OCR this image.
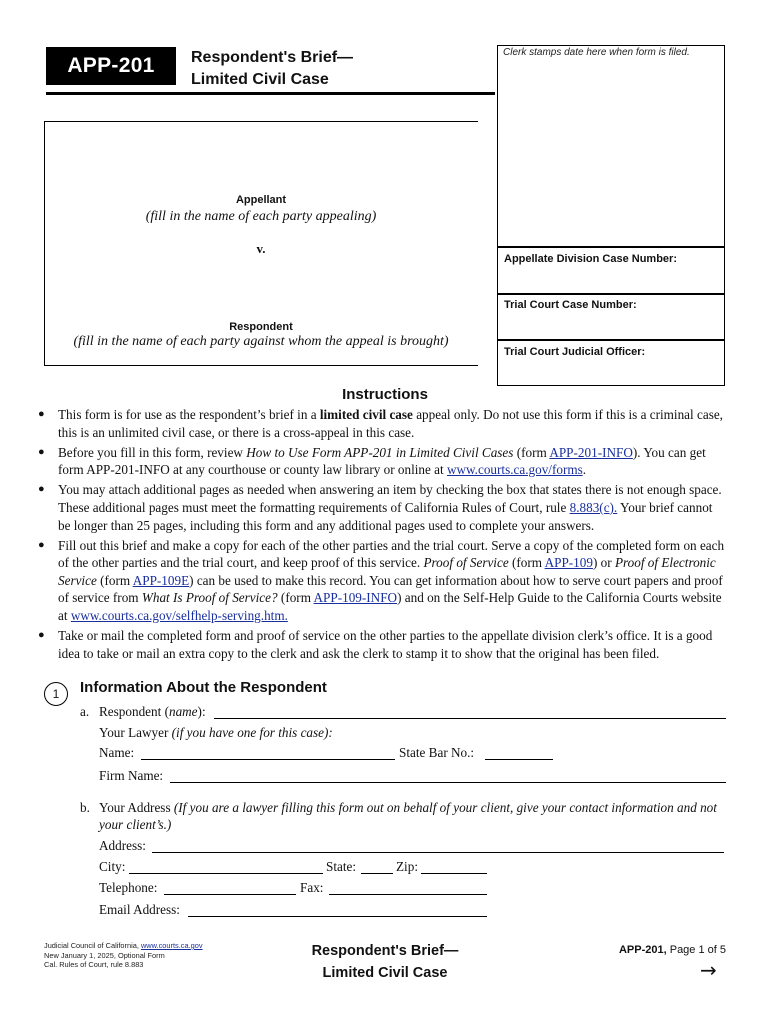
APP-201	Respondent's Brief—
Limited Civil Case
Clerk stamps date here when form is filed.
Appellate Division Case Number:
Trial Court Case Number:
Trial Court Judicial Officer:
Appellant
(fill in the name of each party appealing)
v.
Respondent
(fill in the name of each party against whom the appeal is brought)
Instructions
●	This form is for use as the respondent’s brief in a limited civil case appeal only. Do not use this form if this is a criminal case, this is an unlimited civil case, or there is a cross-appeal in this case.
●	Before you fill in this form, review How to Use Form APP-201 in Limited Civil Cases (form APP-201-INFO). You can get form APP-201-INFO at any courthouse or county law library or online at www.courts.ca.gov/forms.
●	You may attach additional pages as needed when answering an item by checking the box that states there is not enough space. These additional pages must meet the formatting requirements of California Rules of Court, rule 8.883(c). Your brief cannot be longer than 25 pages, including this form and any additional pages used to complete your answers.
●	Fill out this brief and make a copy for each of the other parties and the trial court. Serve a copy of the completed form on each of the other parties and the trial court, and keep proof of this service. Proof of Service (form APP-109) or Proof of Electronic Service (form APP-109E) can be used to make this record. You can get information about how to serve court papers and proof of service from What Is Proof of Service? (form APP-109-INFO) and on the Self-Help Guide to the California Courts website at www.courts.ca.gov/selfhelp-serving.htm.
●	Take or mail the completed form and proof of service on the other parties to the appellate division clerk’s office. It is a good idea to take or mail an extra copy to the clerk and ask the clerk to stamp it to show that the original has been filed.
1	Information About the Respondent
a. Respondent (name):
Your Lawyer (if you have one for this case):
Name:	State Bar No.:
Firm Name:
b. Your Address (If you are a lawyer filling this form out on behalf of your client, give your contact information and not your client’s.)
Address:
City:	State:	Zip:
Telephone:	Fax:
Email Address:
Judicial Council of California, www.courts.ca.gov
New January 1, 2025, Optional Form
Cal. Rules of Court, rule 8.883
Respondent's Brief—
Limited Civil Case
APP-201, Page 1 of 5
→
